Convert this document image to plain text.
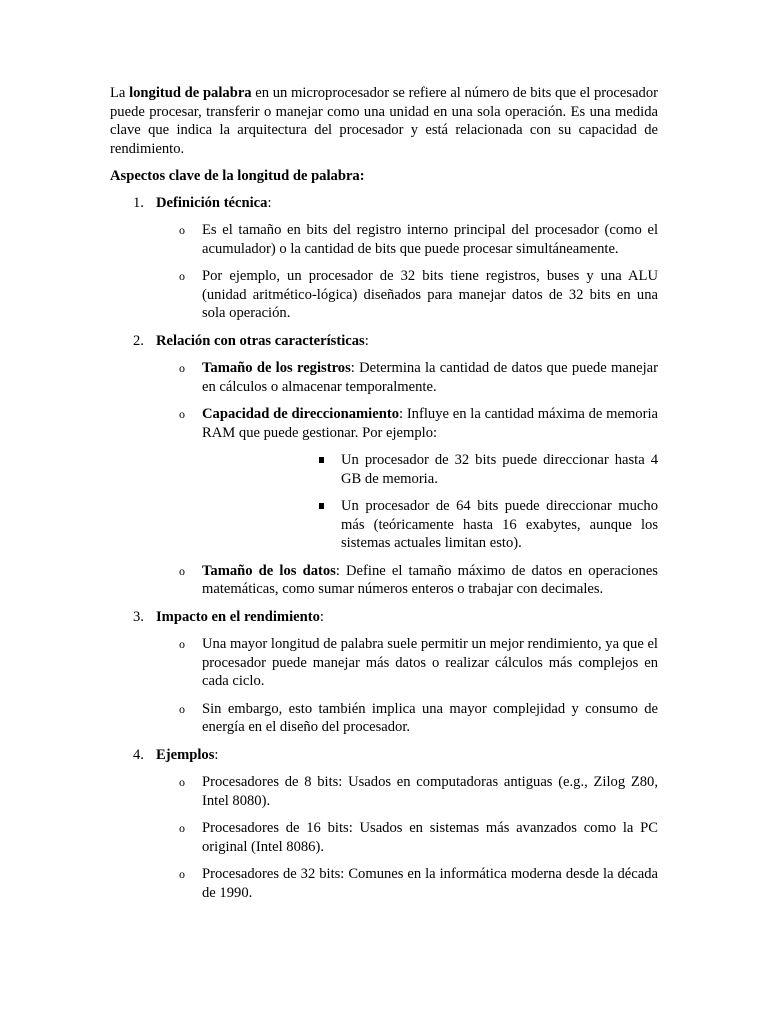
La longitud de palabra en un microprocesador se refiere al número de bits que el procesador puede procesar, transferir o manejar como una unidad en una sola operación. Es una medida clave que indica la arquitectura del procesador y está relacionada con su capacidad de rendimiento.

Aspectos clave de la longitud de palabra:

1. Definición técnica:

o Es el tamaño en bits del registro interno principal del procesador (como el acumulador) o la cantidad de bits que puede procesar simultáneamente.

o Por ejemplo, un procesador de 32 bits tiene registros, buses y una ALU (unidad aritmético-lógica) diseñados para manejar datos de 32 bits en una sola operación.

2. Relación con otras características:

o Tamaño de los registros: Determina la cantidad de datos que puede manejar en cálculos o almacenar temporalmente.

o Capacidad de direccionamiento: Influye en la cantidad máxima de memoria RAM que puede gestionar. Por ejemplo:

Un procesador de 32 bits puede direccionar hasta 4 GB de memoria.

Un procesador de 64 bits puede direccionar mucho más (teóricamente hasta 16 exabytes, aunque los sistemas actuales limitan esto).

o Tamaño de los datos: Define el tamaño máximo de datos en operaciones matemáticas, como sumar números enteros o trabajar con decimales.

3. Impacto en el rendimiento:

o Una mayor longitud de palabra suele permitir un mejor rendimiento, ya que el procesador puede manejar más datos o realizar cálculos más complejos en cada ciclo.

o Sin embargo, esto también implica una mayor complejidad y consumo de energía en el diseño del procesador.

4. Ejemplos:

o Procesadores de 8 bits: Usados en computadoras antiguas (e.g., Zilog Z80, Intel 8080).

o Procesadores de 16 bits: Usados en sistemas más avanzados como la PC original (Intel 8086).

o Procesadores de 32 bits: Comunes en la informática moderna desde la década de 1990.
